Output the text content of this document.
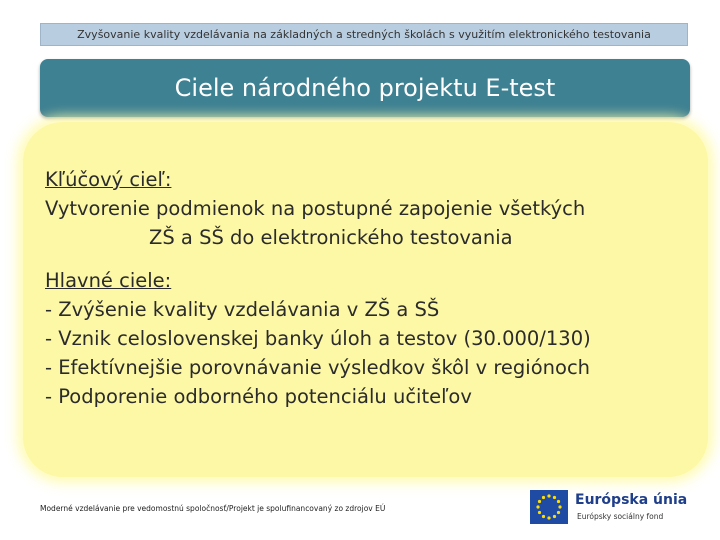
Zvyšovanie kvality vzdelávania na základných a stredných školách s využitím elektronického testovania
Ciele národného projektu E-test
Kľúčový cieľ:
Vytvorenie podmienok na postupné zapojenie všetkých
ZŠ a SŠ do elektronického testovania
Hlavné ciele:
- Zvýšenie kvality vzdelávania v ZŠ a SŠ
- Vznik celoslovenskej banky úloh a testov (30.000/130)
- Efektívnejšie porovnávanie výsledkov škôl v regiónoch
- Podporenie odborného potenciálu učiteľov
Moderné vzdelávanie pre vedomostnú spoločnosť/Projekt je spolufinancovaný zo zdrojov EÚ
Európska únia
Európsky sociálny fond
